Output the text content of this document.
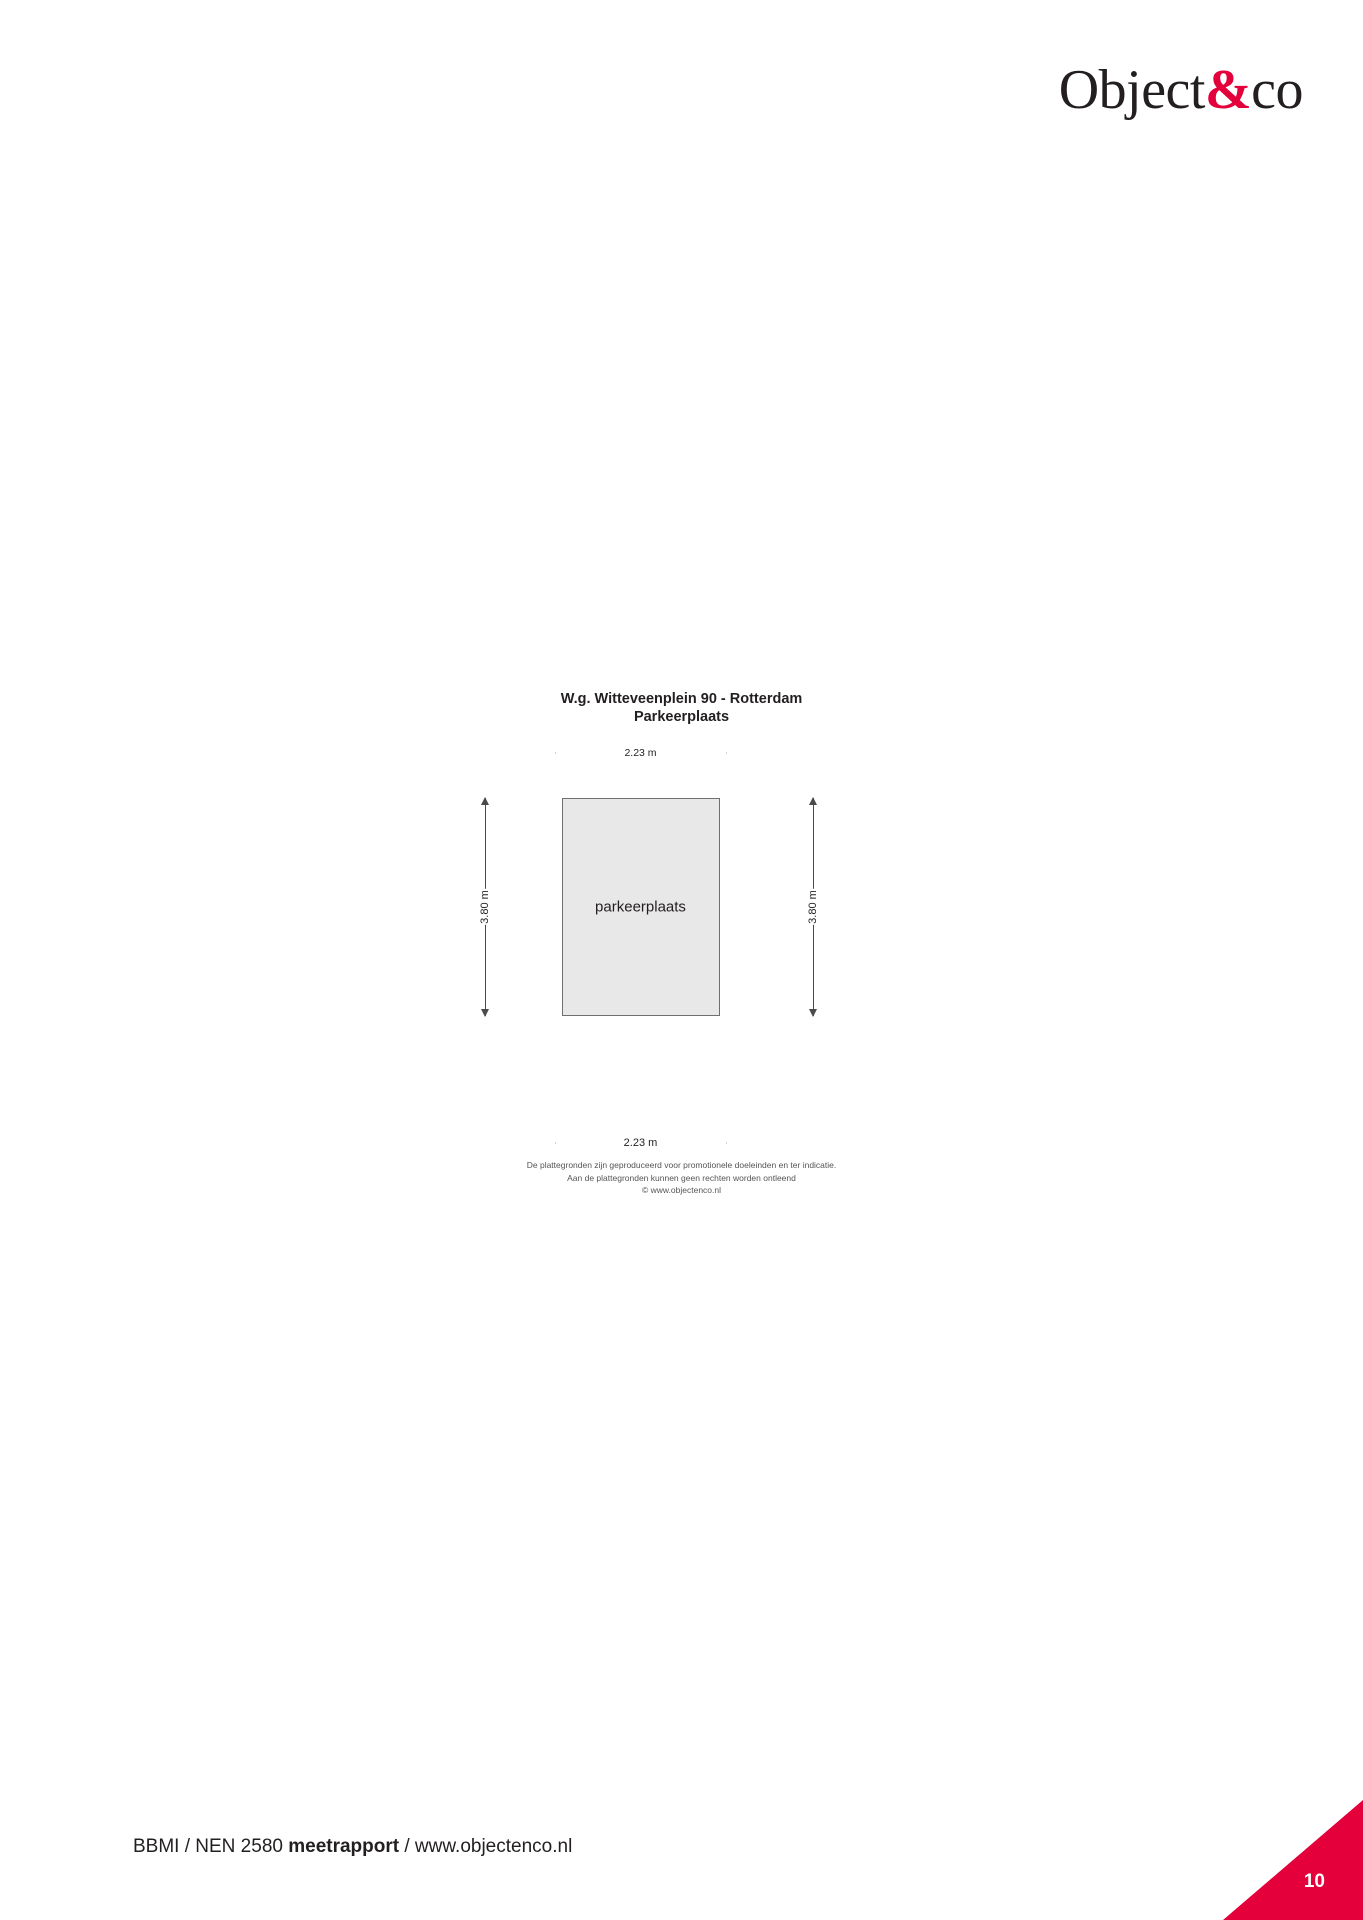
Object&co
W.g. Witteveenplein 90 - Rotterdam
Parkeerplaats
2.23 m
3.80 m	3.80 m
parkeerplaats
2.23 m
De plattegronden zijn geproduceerd voor promotionele doeleinden en ter indicatie.
Aan de plattegronden kunnen geen rechten worden ontleend
© www.objectenco.nl
BBMI / NEN 2580 meetrapport / www.objectenco.nl
10
